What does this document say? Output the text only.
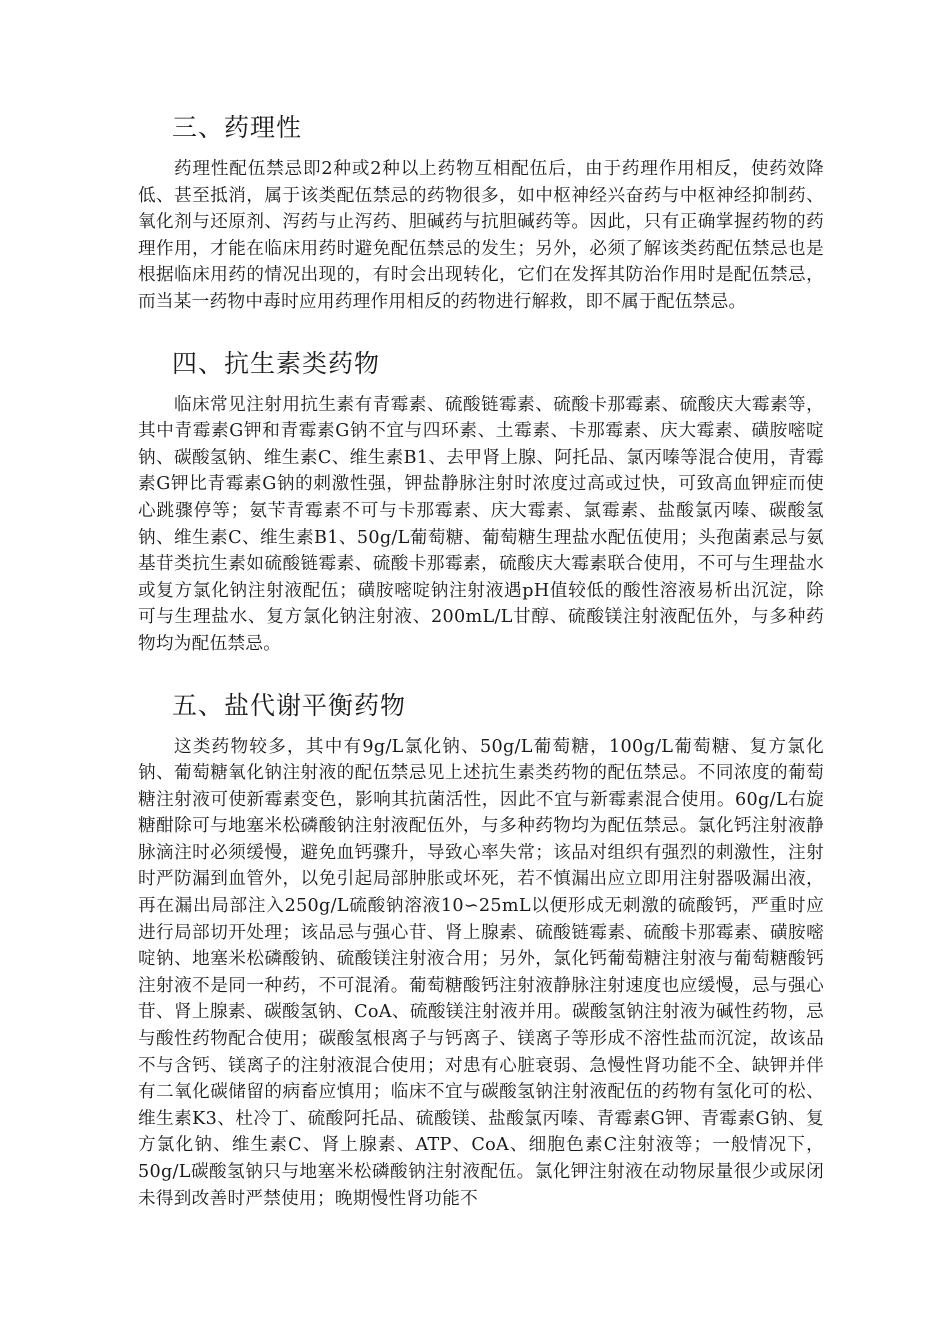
三、药理性

药理性配伍禁忌即2种或2种以上药物互相配伍后，由于药理作用相反，使药效降低、甚至抵消，属于该类配伍禁忌的药物很多，如中枢神经兴奋药与中枢神经抑制药、氧化剂与还原剂、泻药与止泻药、胆碱药与抗胆碱药等。因此，只有正确掌握药物的药理作用，才能在临床用药时避免配伍禁忌的发生；另外，必须了解该类药配伍禁忌也是根据临床用药的情况出现的，有时会出现转化，它们在发挥其防治作用时是配伍禁忌，而当某一药物中毒时应用药理作用相反的药物进行解救，即不属于配伍禁忌。

四、抗生素类药物

临床常见注射用抗生素有青霉素、硫酸链霉素、硫酸卡那霉素、硫酸庆大霉素等，其中青霉素G钾和青霉素G钠不宜与四环素、土霉素、卡那霉素、庆大霉素、磺胺嘧啶钠、碳酸氢钠、维生素C、维生素B1、去甲肾上腺、阿托品、氯丙嗪等混合使用，青霉素G钾比青霉素G钠的刺激性强，钾盐静脉注射时浓度过高或过快，可致高血钾症而使心跳骤停等；氨苄青霉素不可与卡那霉素、庆大霉素、氯霉素、盐酸氯丙嗪、碳酸氢钠、维生素C、维生素B1、50g/L葡萄糖、葡萄糖生理盐水配伍使用；头孢菌素忌与氨基苷类抗生素如硫酸链霉素、硫酸卡那霉素，硫酸庆大霉素联合使用，不可与生理盐水或复方氯化钠注射液配伍；磺胺嘧啶钠注射液遇pH值较低的酸性溶液易析出沉淀，除可与生理盐水、复方氯化钠注射液、200mL/L甘醇、硫酸镁注射液配伍外，与多种药物均为配伍禁忌。

五、盐代谢平衡药物

这类药物较多，其中有9g/L氯化钠、50g/L葡萄糖，100g/L葡萄糖、复方氯化钠、葡萄糖氧化钠注射液的配伍禁忌见上述抗生素类药物的配伍禁忌。不同浓度的葡萄糖注射液可使新霉素变色，影响其抗菌活性，因此不宜与新霉素混合使用。60g/L右旋糖酣除可与地塞米松磷酸钠注射液配伍外，与多种药物均为配伍禁忌。氯化钙注射液静脉滴注时必须缓慢，避免血钙骤升，导致心率失常；该品对组织有强烈的刺激性，注射时严防漏到血管外，以免引起局部肿胀或坏死，若不慎漏出应立即用注射器吸漏出液，再在漏出局部注入250g/L硫酸钠溶液10∽25mL以便形成无刺激的硫酸钙，严重时应进行局部切开处理；该品忌与强心苷、肾上腺素、硫酸链霉素、硫酸卡那霉素、磺胺嘧啶钠、地塞米松磷酸钠、硫酸镁注射液合用；另外，氯化钙葡萄糖注射液与葡萄糖酸钙注射液不是同一种药，不可混淆。葡萄糖酸钙注射液静脉注射速度也应缓慢，忌与强心苷、肾上腺素、碳酸氢钠、CoA、硫酸镁注射液并用。碳酸氢钠注射液为碱性药物，忌与酸性药物配合使用；碳酸氢根离子与钙离子、镁离子等形成不溶性盐而沉淀，故该品不与含钙、镁离子的注射液混合使用；对患有心脏衰弱、急慢性肾功能不全、缺钾并伴有二氧化碳储留的病畜应慎用；临床不宜与碳酸氢钠注射液配伍的药物有氢化可的松、维生素K3、杜冷丁、硫酸阿托品、硫酸镁、盐酸氯丙嗪、青霉素G钾、青霉素G钠、复方氯化钠、维生素C、肾上腺素、ATP、CoA、细胞色素C注射液等；一般情况下，50g/L碳酸氢钠只与地塞米松磷酸钠注射液配伍。氯化钾注射液在动物尿量很少或尿闭未得到改善时严禁使用；晚期慢性肾功能不
